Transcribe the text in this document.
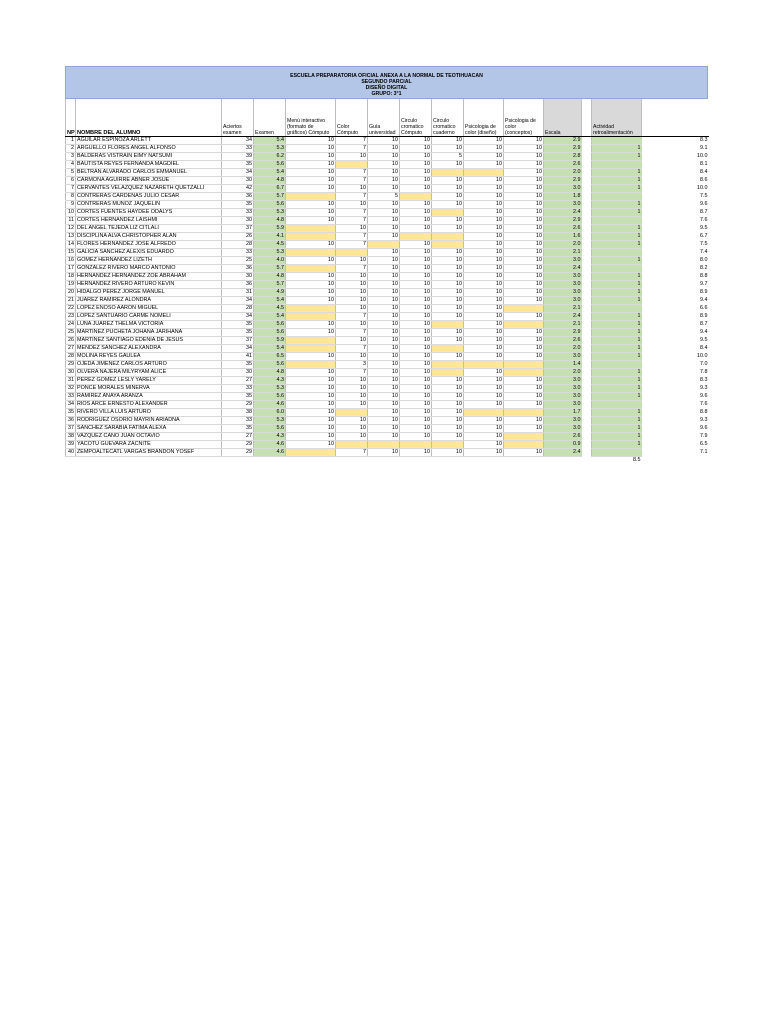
ESCUELA PREPARATORIA OFICIAL ANEXA A LA NORMAL DE TEOTIHUACAN
SEGUNDO PARCIAL
DISEÑO DIGITAL
GRUPO: 3°1
NP	NOMBRE DEL ALUMNO	Aciertos examen	Examen	Menú interactivo (formato de gráficos) Cómputo	Color Cómputo	Guía universidad	Circulo cromatico Cómputo	Circulo cromatico cuaderno	Psicologia de color (diseño)	Psicologia de color (conceptos)	Escala		Actividad retroalimentación	
1	AGUILAR ESPINOZA ARLETT	34	5.4	10	7	10	10	10	10	10	2.9			8.3
2	ARGUELLO FLORES ANGEL ALFONSO	33	5.3	10	7	10	10	10	10	10	2.9		1	9.1
3	BALDERAS VISTRAIN EIMY NATSUMI	39	6.2	10	10	10	10	5	10	10	2.8		1	10.0
4	BAUTISTA REYES FERNANDA MAGDIEL	35	5.6	10		10	10	10	10	10	2.6			8.1
5	BELTRAN ALVARADO CARLOS EMMANUEL	34	5.4	10	7	10	10			10	2.0		1	8.4
6	CARMONA AGUIRRE ABNER JOSUE	30	4.8	10	7	10	10	10	10	10	2.9		1	8.6
7	CERVANTES VELAZQUEZ NAZARETH QUETZALLI	42	6.7	10	10	10	10	10	10	10	3.0		1	10.0
8	CONTRERAS CARDENAS JULIO CESAR	36	5.7		7	5		10	10	10	1.8			7.5
9	CONTRERAS MUÑOZ JAQUELIN	35	5.6	10	10	10	10	10	10	10	3.0		1	9.6
10	CORTES FUENTES HAYDEE ODALYS	33	5.3	10	7	10	10		10	10	2.4		1	8.7
11	CORTES HERNANDEZ LAISHMI	30	4.8	10	7	10	10	10	10	10	2.9			7.6
12	DEL ANGEL TEJEDA LIZ CITLALI	37	5.9		10	10	10	10	10	10	2.6		1	9.5
13	DISCIPLINA ALVA CHRISTOPHER ALAN	26	4.1		7	10			10	10	1.6		1	6.7
14	FLORES HERNANDEZ JOSE ALFREDO	28	4.5	10	7		10		10	10	2.0		1	7.5
15	GALICIA SANCHEZ ALEXIS EDUARDO	33	5.3			10	10	10	10	10	2.1			7.4
16	GOMEZ HERNANDEZ LIZETH	25	4.0	10	10	10	10	10	10	10	3.0		1	8.0
17	GONZALEZ RIVERO MARCO ANTONIO	36	5.7		7	10	10	10	10	10	2.4			8.2
18	HERNANDEZ HERNANDEZ ZOE ABRAHAM	30	4.8	10	10	10	10	10	10	10	3.0		1	8.8
19	HERNANDEZ RIVERO ARTURO KEVIN	36	5.7	10	10	10	10	10	10	10	3.0		1	9.7
20	HIDALGO PEREZ JORGE MANUEL	31	4.9	10	10	10	10	10	10	10	3.0		1	8.9
21	JUAREZ RAMIREZ ALONDRA	34	5.4	10	10	10	10	10	10	10	3.0		1	9.4
22	LOPEZ ENOSO AARON MIGUEL	28	4.5		10	10	10	10	10		2.1			6.6
23	LOPEZ SANTUARIO CARME NOMELI	34	5.4		7	10	10	10	10	10	2.4		1	8.9
24	LUNA JUAREZ THELMA VICTORIA	35	5.6	10	10	10	10		10		2.1		1	8.7
25	MARTINEZ PUCHETA JOHANA JARIHANA	35	5.6	10	7	10	10	10	10	10	2.9		1	9.4
26	MARTINEZ SANTIAGO EDENIA DE JESUS	37	5.9		10	10	10	10	10	10	2.6		1	9.5
27	MENDEZ SANCHEZ ALEXANDRA	34	5.4		7	10	10		10	10	2.0		1	8.4
28	MOLINA REYES GAULEA	41	6.5	10	10	10	10	10	10	10	3.0		1	10.0
29	OJEDA JIMENEZ CARLOS ARTURO	35	5.6		3	10	10				1.4			7.0
30	OLVERA NAJERA MILYRYAM ALICE	30	4.8	10	7	10	10		10		2.0		1	7.8
31	PEREZ GOMEZ LESLY YARELY	27	4.3	10	10	10	10	10	10	10	3.0		1	8.3
32	PONCE MORALES MINERVA	33	5.3	10	10	10	10	10	10	10	3.0		1	9.3
33	RAMIREZ ANAYA ARANZA	35	5.6	10	10	10	10	10	10	10	3.0		1	9.6
34	RIOS ARCE ERNESTO ALEXANDER	29	4.6	10	10	10	10	10	10	10	3.0			7.6
35	RIVERO VILLA LUIS ARTURO	38	6.0	10		10	10	10			1.7		1	8.8
36	RODRIGUEZ OSORIO MAYRIN ARIADNA	33	5.3	10	10	10	10	10	10	10	3.0		1	9.3
37	SANCHEZ SARABIA FATIMA ALEXA	35	5.6	10	10	10	10	10	10	10	3.0		1	9.6
38	VAZQUEZ CANO JUAN OCTAVIO	27	4.3	10	10	10	10	10	10		2.6		1	7.9
39	YACOTU GUEVARA ZACNITE	29	4.6	10					10		0.9		1	6.5
40	ZEMPOALTECATL VARGAS BRANDON YOSEF	29	4.6		7	10	10	10	10	10	2.4			7.1
													8.5	
